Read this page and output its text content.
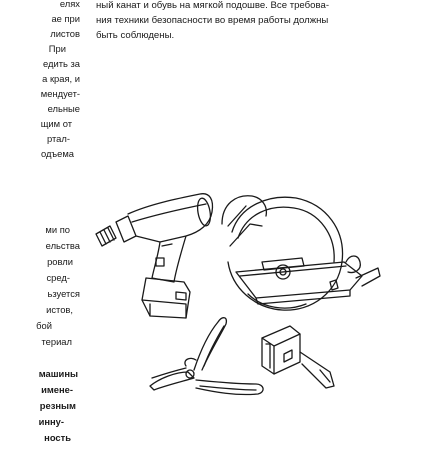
елях
ае при
листов
При
едить за
а края, и
мендует-
ельные
щим от
ртал-
одъема
ми по
ельства
ровли
сред-
ьзуется
истов,
бой
териал
машины
имене-
резным
инну-
ность
ный канат и обувь на мягкой подошве. Все требова-
ния техники безопасности во время работы должны
быть соблюдены.
